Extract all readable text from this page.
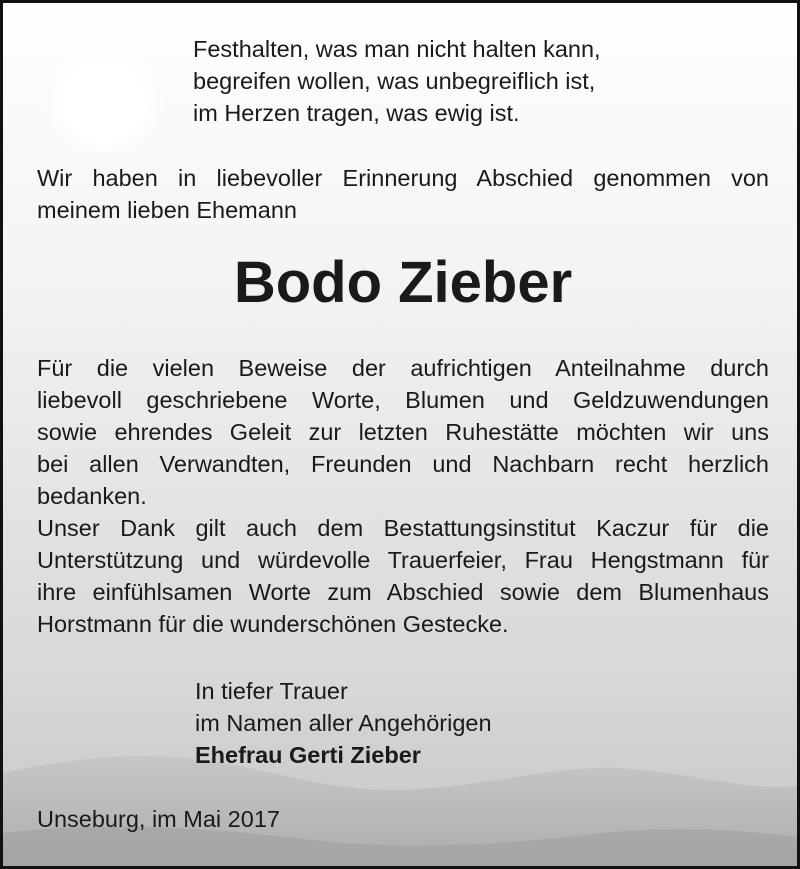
Festhalten, was man nicht halten kann,
begreifen wollen, was unbegreiflich ist,
im Herzen tragen, was ewig ist.
Wir haben in liebevoller Erinnerung Abschied genommen von
meinem lieben Ehemann
Bodo Zieber
Für die vielen Beweise der aufrichtigen Anteilnahme durch
liebevoll geschriebene Worte, Blumen und Geldzuwendungen
sowie ehrendes Geleit zur letzten Ruhestätte möchten wir uns
bei allen Verwandten, Freunden und Nachbarn recht herzlich
bedanken.
Unser Dank gilt auch dem Bestattungsinstitut Kaczur für die
Unterstützung und würdevolle Trauerfeier, Frau Hengstmann für
ihre einfühlsamen Worte zum Abschied sowie dem Blumenhaus
Horstmann für die wunderschönen Gestecke.
In tiefer Trauer
im Namen aller Angehörigen
Ehefrau Gerti Zieber
Unseburg, im Mai 2017
